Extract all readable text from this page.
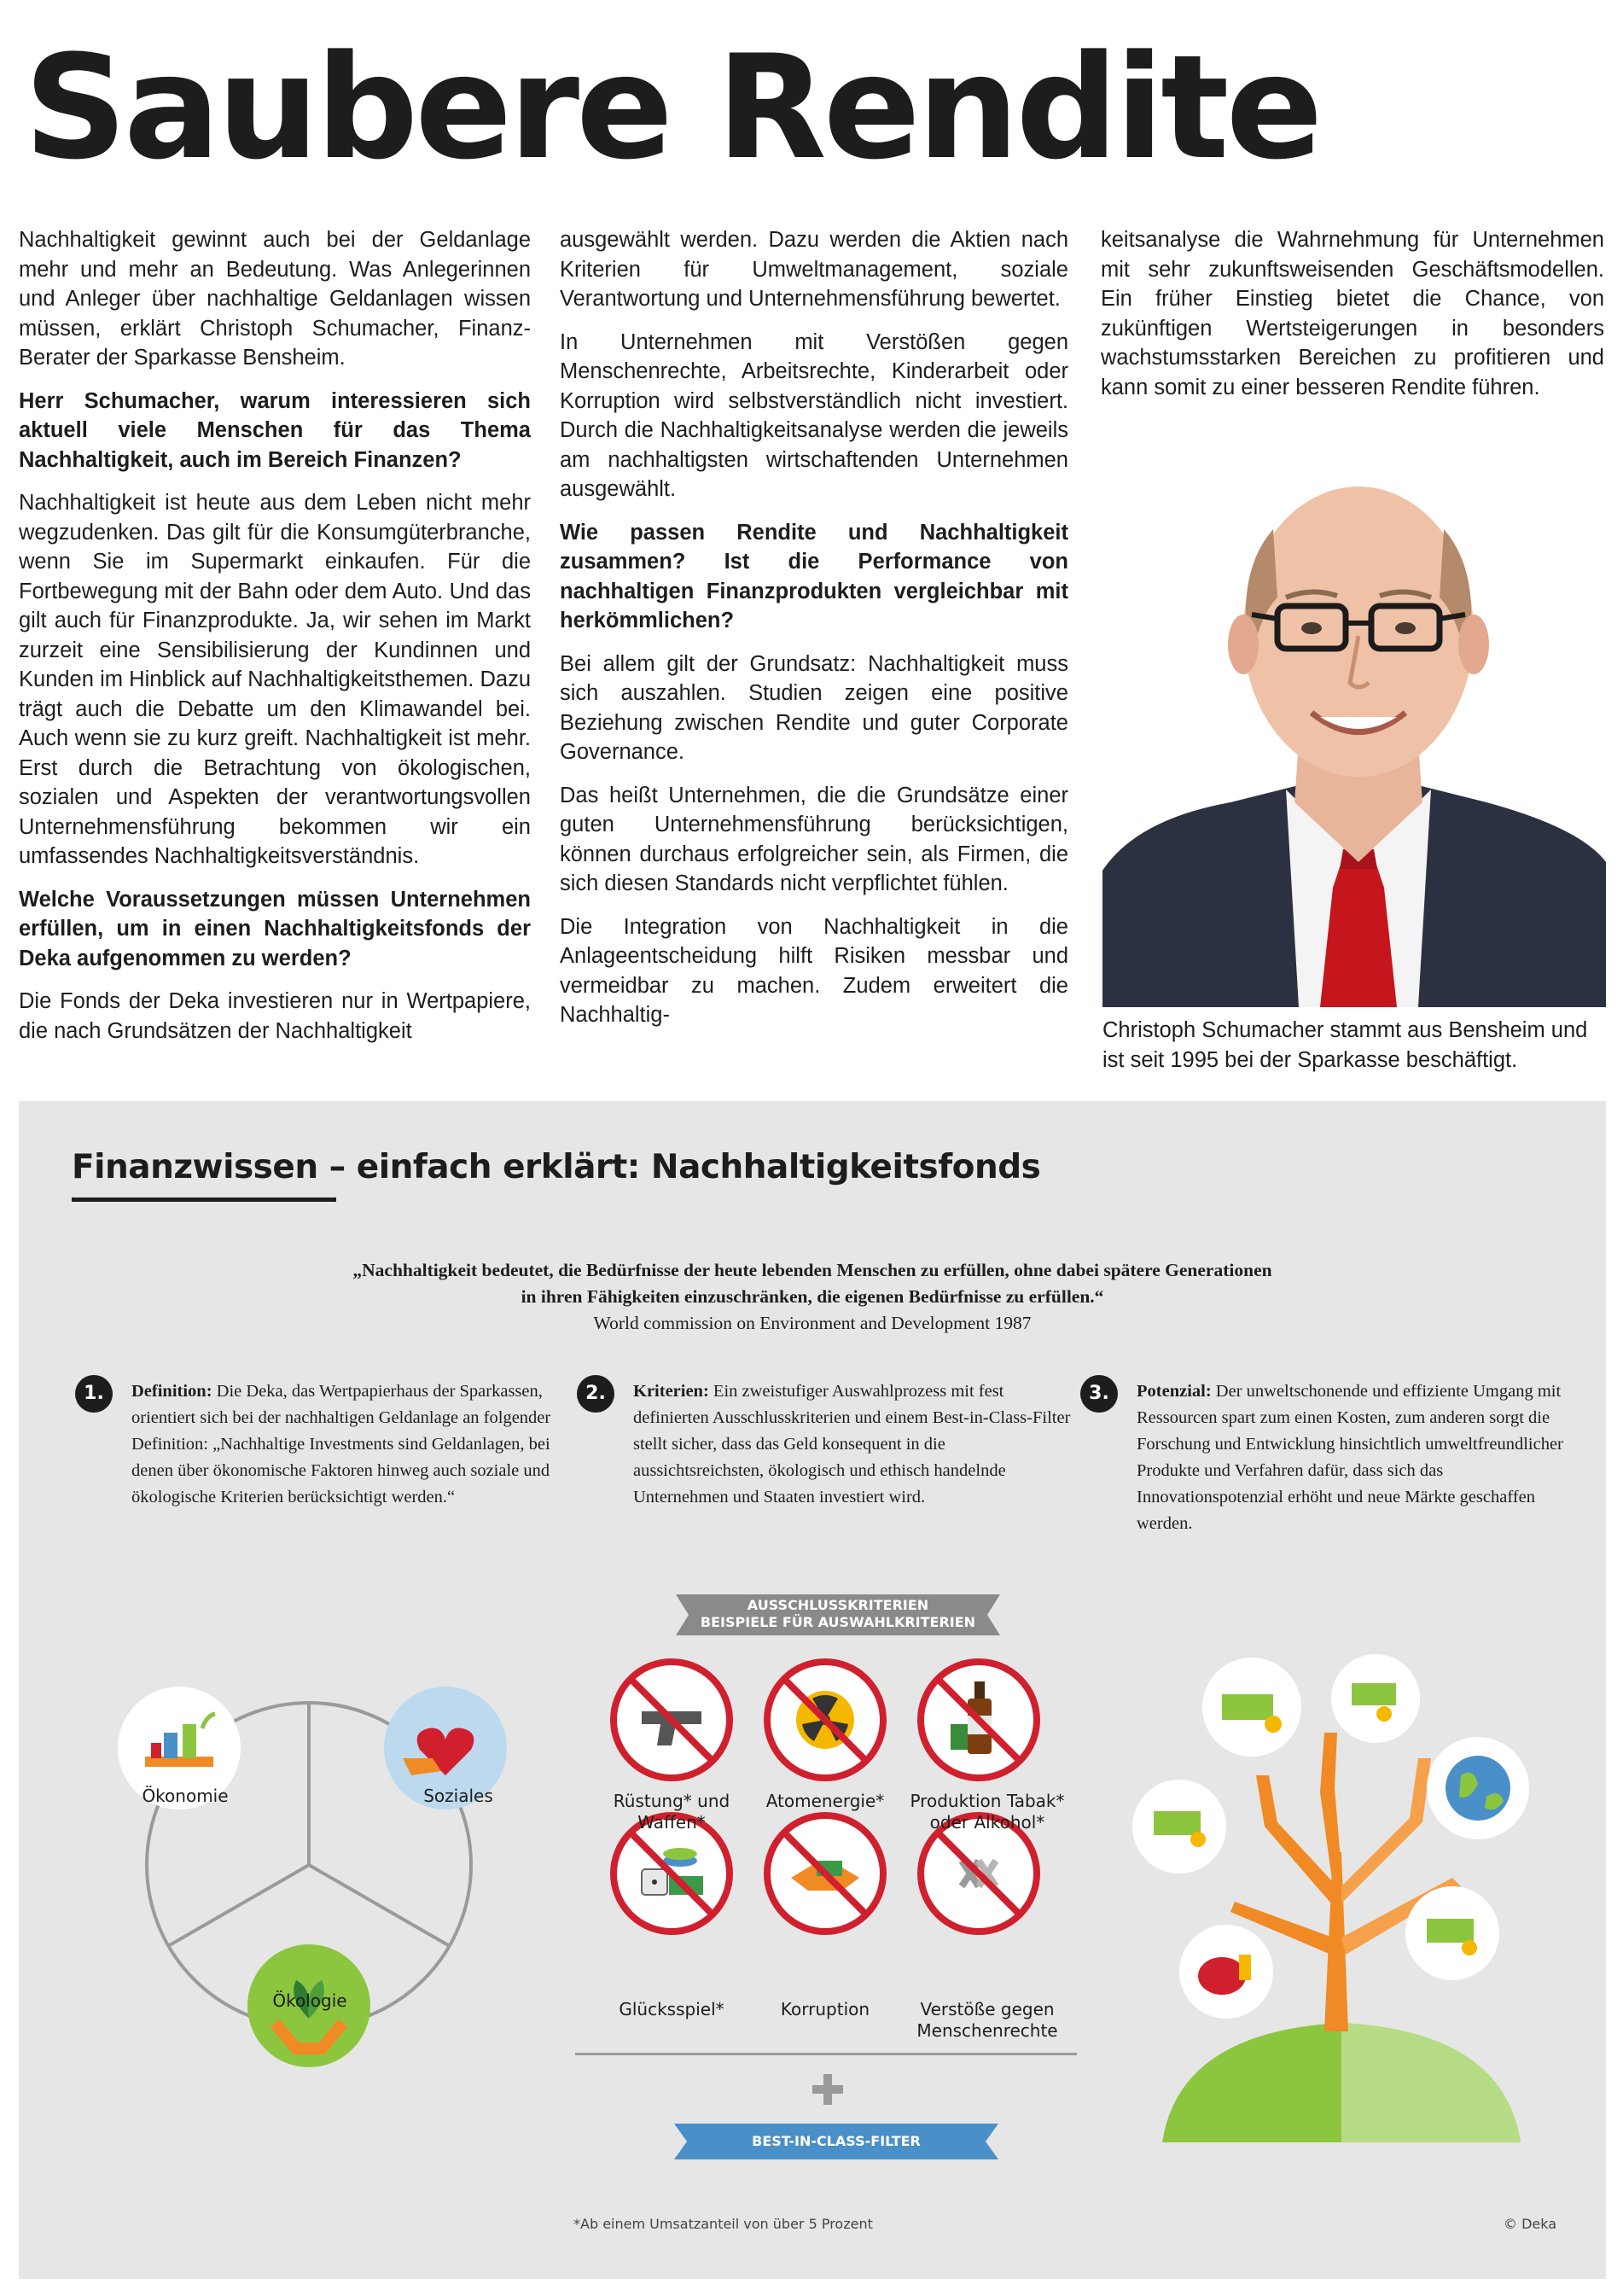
Saubere Rendite

Nachhaltigkeit gewinnt auch bei der Geldanlage mehr und mehr an Bedeutung. Was Anlegerinnen und Anleger über nachhaltige Geldanlagen wissen müssen, erklärt Christoph Schumacher, Finanz-Berater der Sparkasse Bensheim.

Herr Schumacher, warum interessieren sich aktuell viele Menschen für das Thema Nachhaltigkeit, auch im Bereich Finanzen?

Nachhaltigkeit ist heute aus dem Leben nicht mehr wegzudenken. Das gilt für die Konsumgüterbranche, wenn Sie im Supermarkt einkaufen. Für die Fortbewegung mit der Bahn oder dem Auto. Und das gilt auch für Finanzprodukte. Ja, wir sehen im Markt zurzeit eine Sensibilisierung der Kundinnen und Kunden im Hinblick auf Nachhaltigkeitsthemen. Dazu trägt auch die Debatte um den Klimawandel bei. Auch wenn sie zu kurz greift. Nachhaltigkeit ist mehr. Erst durch die Betrachtung von ökologischen, sozialen und Aspekten der verantwortungsvollen Unternehmensführung bekommen wir ein umfassendes Nachhaltigkeitsverständnis.

Welche Voraussetzungen müssen Unternehmen erfüllen, um in einen Nachhaltigkeitsfonds der Deka aufgenommen zu werden?

Die Fonds der Deka investieren nur in Wertpapiere, die nach Grundsätzen der Nachhaltigkeit

ausgewählt werden. Dazu werden die Aktien nach Kriterien für Umweltmanagement, soziale Verantwortung und Unternehmensführung bewertet.

In Unternehmen mit Verstößen gegen Menschenrechte, Arbeitsrechte, Kinderarbeit oder Korruption wird selbstverständlich nicht investiert. Durch die Nachhaltigkeitsanalyse werden die jeweils am nachhaltigsten wirtschaftenden Unternehmen ausgewählt.

Wie passen Rendite und Nachhaltigkeit zusammen? Ist die Performance von nachhaltigen Finanzprodukten vergleichbar mit herkömmlichen?

Bei allem gilt der Grundsatz: Nachhaltigkeit muss sich auszahlen. Studien zeigen eine positive Beziehung zwischen Rendite und guter Corporate Governance.

Das heißt Unternehmen, die die Grundsätze einer guten Unternehmensführung berücksichtigen, können durchaus erfolgreicher sein, als Firmen, die sich diesen Standards nicht verpflichtet fühlen.

Die Integration von Nachhaltigkeit in die Anlageentscheidung hilft Risiken messbar und vermeidbar zu machen. Zudem erweitert die Nachhaltig-

keitsanalyse die Wahrnehmung für Unternehmen mit sehr zukunftsweisenden Geschäftsmodellen. Ein früher Einstieg bietet die Chance, von zukünftigen Wertsteigerungen in besonders wachstumsstarken Bereichen zu profitieren und kann somit zu einer besseren Rendite führen.

Christoph Schumacher stammt aus Bensheim und ist seit 1995 bei der Sparkasse beschäftigt.
Finanzwissen – einfach erklärt: Nachhaltigkeitsfonds
„Nachhaltigkeit bedeutet, die Bedürfnisse der heute lebenden Menschen zu erfüllen, ohne dabei spätere Generationen
in ihren Fähigkeiten einzuschränken, die eigenen Bedürfnisse zu erfüllen.“
World commission on Environment and Development 1987
1.	Definition: Die Deka, das Wertpapierhaus der Sparkassen, orientiert sich bei der nachhaltigen Geldanlage an folgender Definition: „Nachhaltige Investments sind Geldanlagen, bei denen über ökonomische Faktoren hinweg auch soziale und ökologische Kriterien berücksichtigt werden.“
2.	Kriterien: Ein zweistufiger Auswahlprozess mit fest definierten Ausschlusskriterien und einem Best-in-Class-Filter stellt sicher, dass das Geld konsequent in die aussichtsreichsten, ökologisch und ethisch handelnde Unternehmen und Staaten investiert wird.
3.	Potenzial: Der unweltschonende und effiziente Umgang mit Ressourcen spart zum einen Kosten, zum anderen sorgt die Forschung und Entwicklung hinsichtlich umweltfreundlicher Produkte und Verfahren dafür, dass sich das Innovationspotenzial erhöht und neue Märkte geschaffen werden.
Ökonomie	Soziales
Ökologie
AUSSCHLUSSKRITERIEN
BEISPIELE FÜR AUSWAHLKRITERIEN
Rüstung* und Waffen*
Atomenergie* Produktion Tabak* oder Alkohol*
Glücksspiel*	Korruption	Verstöße gegen Menschenrechte
BEST-IN-CLASS-FILTER
*Ab einem Umsatzanteil von über 5 Prozent	© Deka
